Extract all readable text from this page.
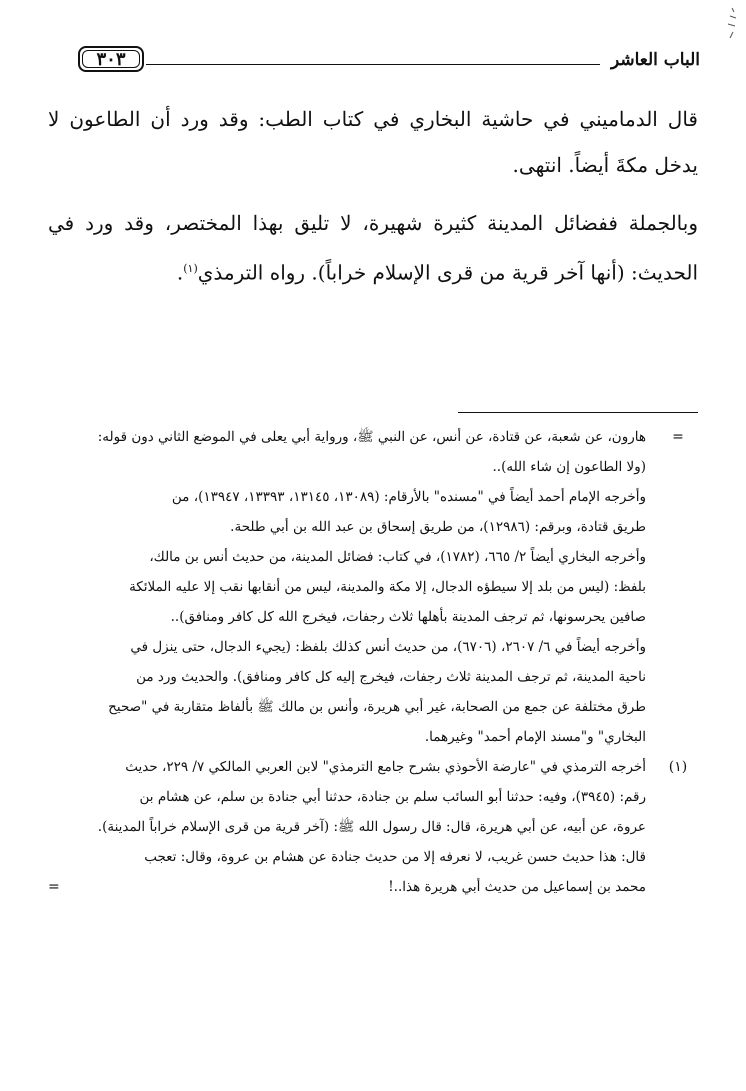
الباب العاشر
٣٠٣

قال الدماميني في حاشية البخاري في كتاب الطب: وقد ورد أن الطاعون لا يدخل مكةَ أيضاً. انتهى.

وبالجملة ففضائل المدينة كثيرة شهيرة، لا تليق بهذا المختصر، وقد ورد في الحديث: (أنها آخر قرية من قرى الإسلام خراباً). رواه الترمذي$^{(١)}$.

=
هارون، عن شعبة، عن قتادة، عن أنس، عن النبي ﷺ، ورواية أبي يعلى في الموضع الثاني دون قوله:
(ولا الطاعون إن شاء الله)..
وأخرجه الإمام أحمد أيضاً في "مسنده" بالأرقام: (١٣٠٨٩، ١٣١٤٥، ١٣٣٩٣، ١٣٩٤٧)، من
طريق قتادة، وبرقم: (١٢٩٨٦)، من طريق إسحاق بن عبد الله بن أبي طلحة.
وأخرجه البخاري أيضاً ٢/ ٦٦٥، (١٧٨٢)، في كتاب: فضائل المدينة، من حديث أنس بن مالك،
بلفظ: (ليس من بلد إلا سيطؤه الدجال، إلا مكة والمدينة، ليس من أنقابها نقب إلا عليه الملائكة
صافين يحرسونها، ثم ترجف المدينة بأهلها ثلاث رجفات، فيخرج الله كل كافر ومنافق)..
وأخرجه أيضاً في ٦/ ٢٦٠٧، (٦٧٠٦)، من حديث أنس كذلك بلفظ: (يجيء الدجال، حتى ينزل في
ناحية المدينة، ثم ترجف المدينة ثلاث رجفات، فيخرج إليه كل كافر ومنافق). والحديث ورد من
طرق مختلفة عن جمع من الصحابة، غير أبي هريرة، وأنس بن مالك ﷺ بألفاظ متقاربة في "صحيح
البخاري" و"مسند الإمام أحمد" وغيرهما.
(١)
أخرجه الترمذي في "عارضة الأحوذي بشرح جامع الترمذي" لابن العربي المالكي ٧/ ٢٢٩، حديث
رقم: (٣٩٤٥)، وفيه: حدثنا أبو السائب سلم بن جنادة، حدثنا أبي جنادة بن سلم، عن هشام بن
عروة، عن أبيه، عن أبي هريرة، قال: قال رسول الله ﷺ: (آخر قرية من قرى الإسلام خراباً المدينة).
قال: هذا حديث حسن غريب، لا نعرفه إلا من حديث جنادة عن هشام بن عروة، وقال: تعجب
محمد بن إسماعيل من حديث أبي هريرة هذا..!
=
